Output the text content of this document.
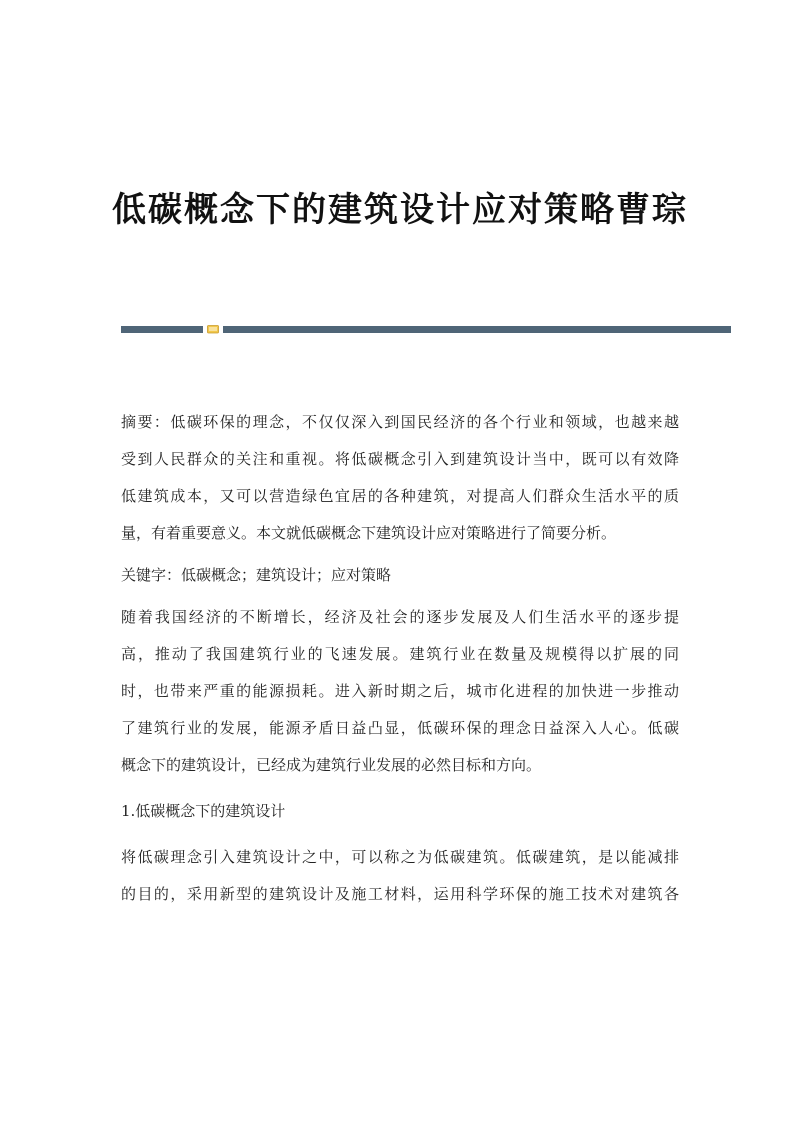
低碳概念下的建筑设计应对策略曹琮

摘要：低碳环保的理念，不仅仅深入到国民经济的各个行业和领域，也越来越
受到人民群众的关注和重视。将低碳概念引入到建筑设计当中，既可以有效降
低建筑成本，又可以营造绿色宜居的各种建筑，对提高人们群众生活水平的质
量，有着重要意义。本文就低碳概念下建筑设计应对策略进行了简要分析。

关键字：低碳概念；建筑设计；应对策略

随着我国经济的不断增长，经济及社会的逐步发展及人们生活水平的逐步提
高，推动了我国建筑行业的飞速发展。建筑行业在数量及规模得以扩展的同
时，也带来严重的能源损耗。进入新时期之后，城市化进程的加快进一步推动
了建筑行业的发展，能源矛盾日益凸显，低碳环保的理念日益深入人心。低碳
概念下的建筑设计，已经成为建筑行业发展的必然目标和方向。

1.低碳概念下的建筑设计

将低碳理念引入建筑设计之中，可以称之为低碳建筑。低碳建筑，是以能减排
的目的，采用新型的建筑设计及施工材料，运用科学环保的施工技术对建筑各
